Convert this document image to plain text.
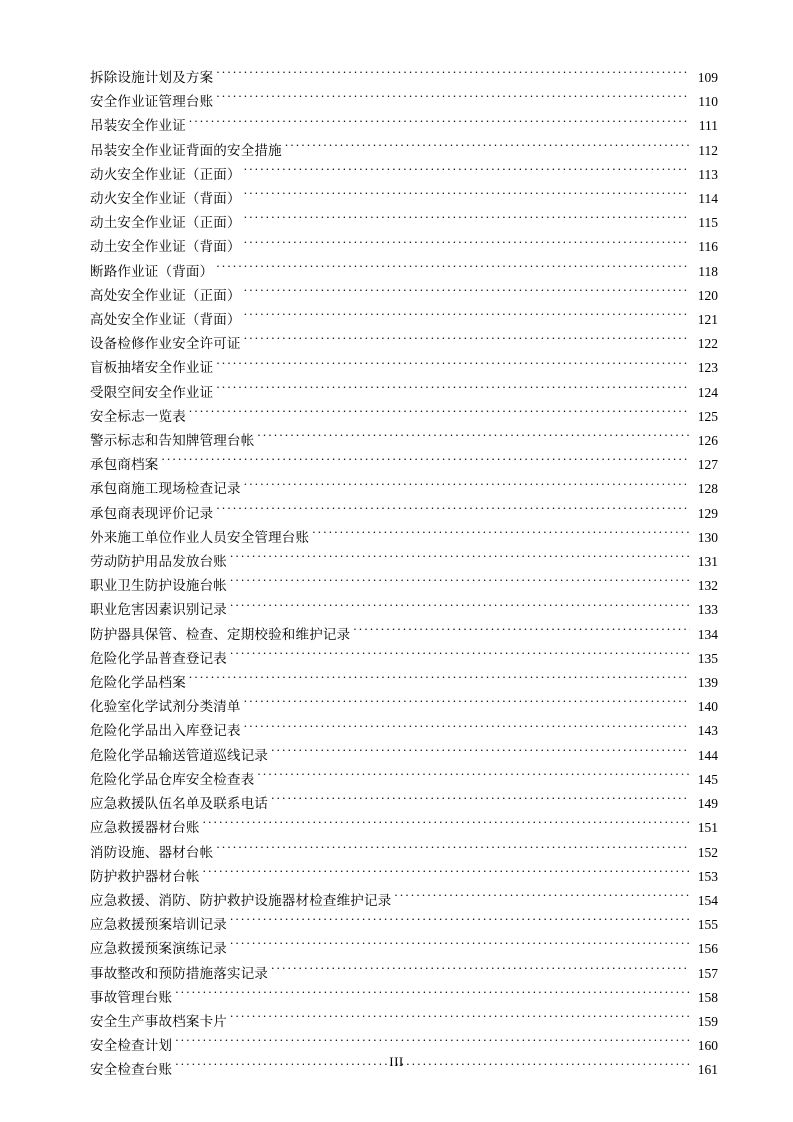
拆除设施计划及方案 . . .	109
安全作业证管理台账 . . .	110
吊装安全作业证 . . .	111
吊装安全作业证背面的安全措施 . . .	112
动火安全作业证（正面） . . .	113
动火安全作业证（背面） . . .	114
动土安全作业证（正面） . . .	115
动土安全作业证（背面） . . .	116
断路作业证（背面） . . .	118
高处安全作业证（正面） . . .	120
高处安全作业证（背面） . . .	121
设备检修作业安全许可证 . . .	122
盲板抽堵安全作业证 . . .	123
受限空间安全作业证 . . .	124
安全标志一览表 . . .	125
警示标志和告知牌管理台帐 . . .	126
承包商档案 . . .	127
承包商施工现场检查记录 . . .	128
承包商表现评价记录 . . .	129
外来施工单位作业人员安全管理台账 . . .	130
劳动防护用品发放台账 . . .	131
职业卫生防护设施台帐 . . .	132
职业危害因素识别记录 . . .	133
防护器具保管、检查、定期校验和维护记录 . . .	134
危险化学品普查登记表 . . .	135
危险化学品档案 . . .	139
化验室化学试剂分类清单 . . .	140
危险化学品出入库登记表 . . .	143
危险化学品输送管道巡线记录 . . .	144
危险化学品仓库安全检查表 . . .	145
应急救援队伍名单及联系电话 . . .	149
应急救援器材台账 . . .	151
消防设施、器材台帐 . . .	152
防护救护器材台帐 . . .	153
应急救援、消防、防护救护设施器材检查维护记录 . . .	154
应急救援预案培训记录 . . .	155
应急救援预案演练记录 . . .	156
事故整改和预防措施落实记录 . . .	157
事故管理台账 . . .	158
安全生产事故档案卡片 . . .	159
安全检查计划 . . .	160
安全检查台账 . . .	161
III
